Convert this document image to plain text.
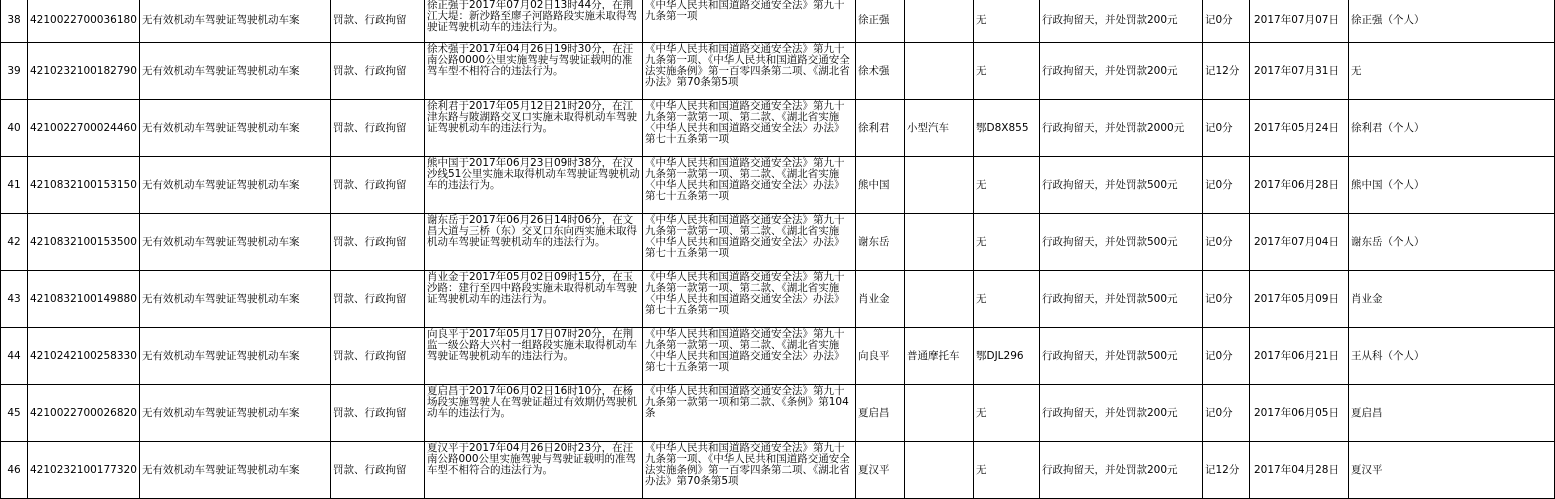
38	4210022700036180	无有效机动车驾驶证驾驶机动车案	罚款、行政拘留	徐正强于2017年07月02日13时44分，在荆江大堤：新沙路至廖子河路路段实施未取得驾驶证驾驶机动车的违法行为。	《中华人民共和国道路交通安全法》第九十九条第一项	徐正强		无	行政拘留天，并处罚款200元	记0分	2017年07月07日	徐正强（个人）
39	4210232100182790	无有效机动车驾驶证驾驶机动车案	罚款、行政拘留	徐术强于2017年04月26日19时30分，在汪南公路0000公里实施驾驶与驾驶证载明的准驾车型不相符合的违法行为。	《中华人民共和国道路交通安全法》第九十九条第一项、《中华人民共和国道路交通安全法实施条例》第一百零四条第二项、《湖北省办法》第70条第5项	徐术强		无	行政拘留天，并处罚款200元	记12分	2017年07月31日	无
40	4210022700024460	无有效机动车驾驶证驾驶机动车案	罚款、行政拘留	徐利君于2017年05月12日21时20分，在江津东路与陂湖路交叉口实施未取得机动车驾驶证驾驶机动车的违法行为。	《中华人民共和国道路交通安全法》第九十九条第一款第一项、第二款、《湖北省实施〈中华人民共和国道路交通安全法〉办法》第七十五条第一项	徐利君	小型汽车	鄂D8X855	行政拘留天，并处罚款2000元	记0分	2017年05月24日	徐利君（个人）
41	4210832100153150	无有效机动车驾驶证驾驶机动车案	罚款、行政拘留	熊中国于2017年06月23日09时38分，在汉沙线51公里实施未取得机动车驾驶证驾驶机动车的违法行为。	《中华人民共和国道路交通安全法》第九十九条第一款第一项、第二款、《湖北省实施〈中华人民共和国道路交通安全法〉办法》第七十五条第一项	熊中国		无	行政拘留天，并处罚款500元	记0分	2017年06月28日	熊中国（个人）
42	4210832100153500	无有效机动车驾驶证驾驶机动车案	罚款、行政拘留	谢东岳于2017年06月26日14时06分，在文昌大道与三桥（东）交叉口东向西实施未取得机动车驾驶证驾驶机动车的违法行为。	《中华人民共和国道路交通安全法》第九十九条第一款第一项、第二款、《湖北省实施〈中华人民共和国道路交通安全法〉办法》第七十五条第一项	谢东岳		无	行政拘留天，并处罚款500元	记0分	2017年07月04日	谢东岳（个人）
43	4210832100149880	无有效机动车驾驶证驾驶机动车案	罚款、行政拘留	肖业金于2017年05月02日09时15分，在玉沙路：建行至四中路段实施未取得机动车驾驶证驾驶机动车的违法行为。	《中华人民共和国道路交通安全法》第九十九条第一款第一项、第二款、《湖北省实施〈中华人民共和国道路交通安全法〉办法》第七十五条第一项	肖业金		无	行政拘留天，并处罚款500元	记0分	2017年05月09日	肖业金
44	4210242100258330	无有效机动车驾驶证驾驶机动车案	罚款、行政拘留	向良平于2017年05月17日07时20分，在荆监一级公路大兴村一组路段实施未取得机动车驾驶证驾驶机动车的违法行为。	《中华人民共和国道路交通安全法》第九十九条第一款第一项、第二款、《湖北省实施〈中华人民共和国道路交通安全法〉办法》第七十五条第一项	向良平	普通摩托车	鄂DJL296	行政拘留天，并处罚款500元	记0分	2017年06月21日	王从科（个人）
45	4210022700026820	无有效机动车驾驶证驾驶机动车案	罚款、行政拘留	夏启昌于2017年06月02日16时10分，在杨场段实施驾驶人在驾驶证超过有效期仍驾驶机动车的违法行为。	《中华人民共和国道路交通安全法》第九十九条第一款第一项和第二款、《条例》第104条	夏启昌		无	行政拘留天，并处罚款200元	记0分	2017年06月05日	夏启昌
46	4210232100177320	无有效机动车驾驶证驾驶机动车案	罚款、行政拘留	夏汉平于2017年04月26日20时23分，在汪南公路000公里实施驾驶与驾驶证载明的准驾车型不相符合的违法行为。	《中华人民共和国道路交通安全法》第九十九条第一项、《中华人民共和国道路交通安全法实施条例》第一百零四条第二项、《湖北省办法》第70条第5项	夏汉平		无	行政拘留天，并处罚款200元	记12分	2017年04月28日	夏汉平
